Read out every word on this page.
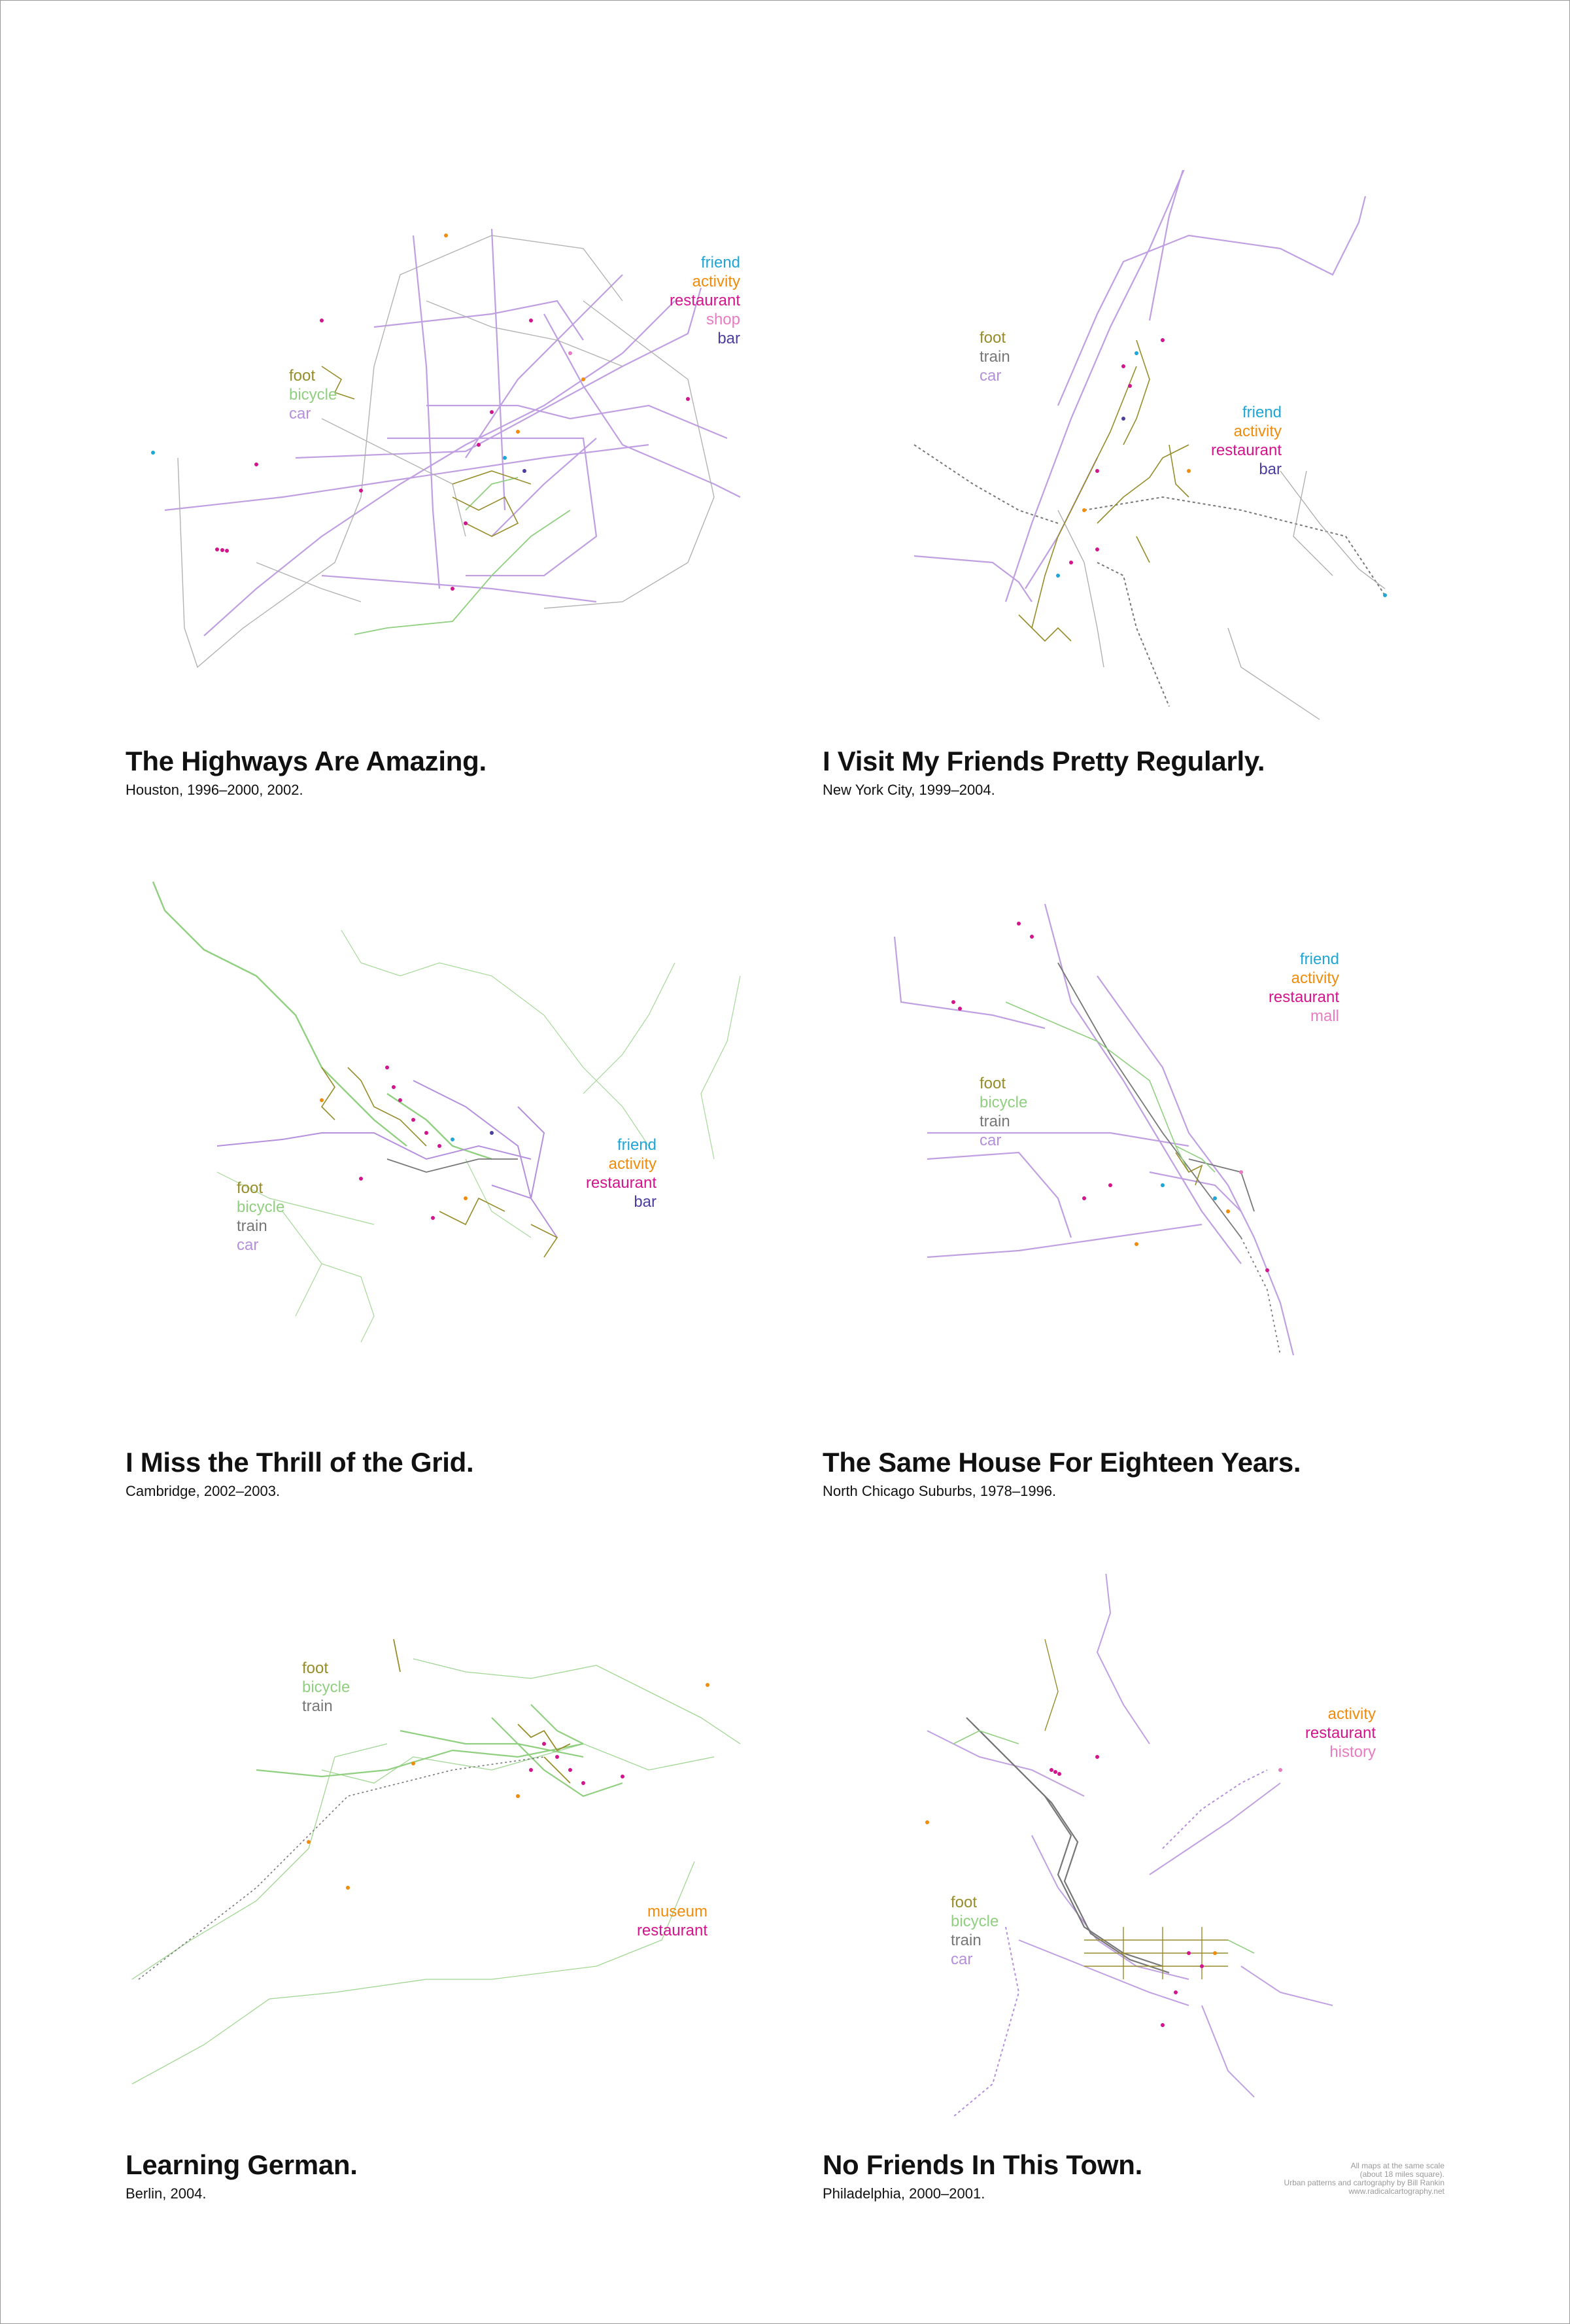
foot
bicycle
car
friend
activity
restaurant
shop
bar
The Highways Are Amazing.
Houston, 1996–2000, 2002.
foot
train
car
friend
activity
restaurant
bar
I Visit My Friends Pretty Regularly.
New York City, 1999–2004.
foot
bicycle
train
car
friend
activity
restaurant
bar
I Miss the Thrill of the Grid.
Cambridge, 2002–2003.
friend
activity
restaurant
mall
foot
bicycle
train
car
The Same House For Eighteen Years.
North Chicago Suburbs, 1978–1996.
foot
bicycle
train
museum
restaurant
Learning German.
Berlin, 2004.
activity
restaurant
history
foot
bicycle
train
car
No Friends In This Town.
Philadelphia, 2000–2001.
All maps at the same scale
(about 18 miles square).
Urban patterns and cartography by Bill Rankin
www.radicalcartography.net
